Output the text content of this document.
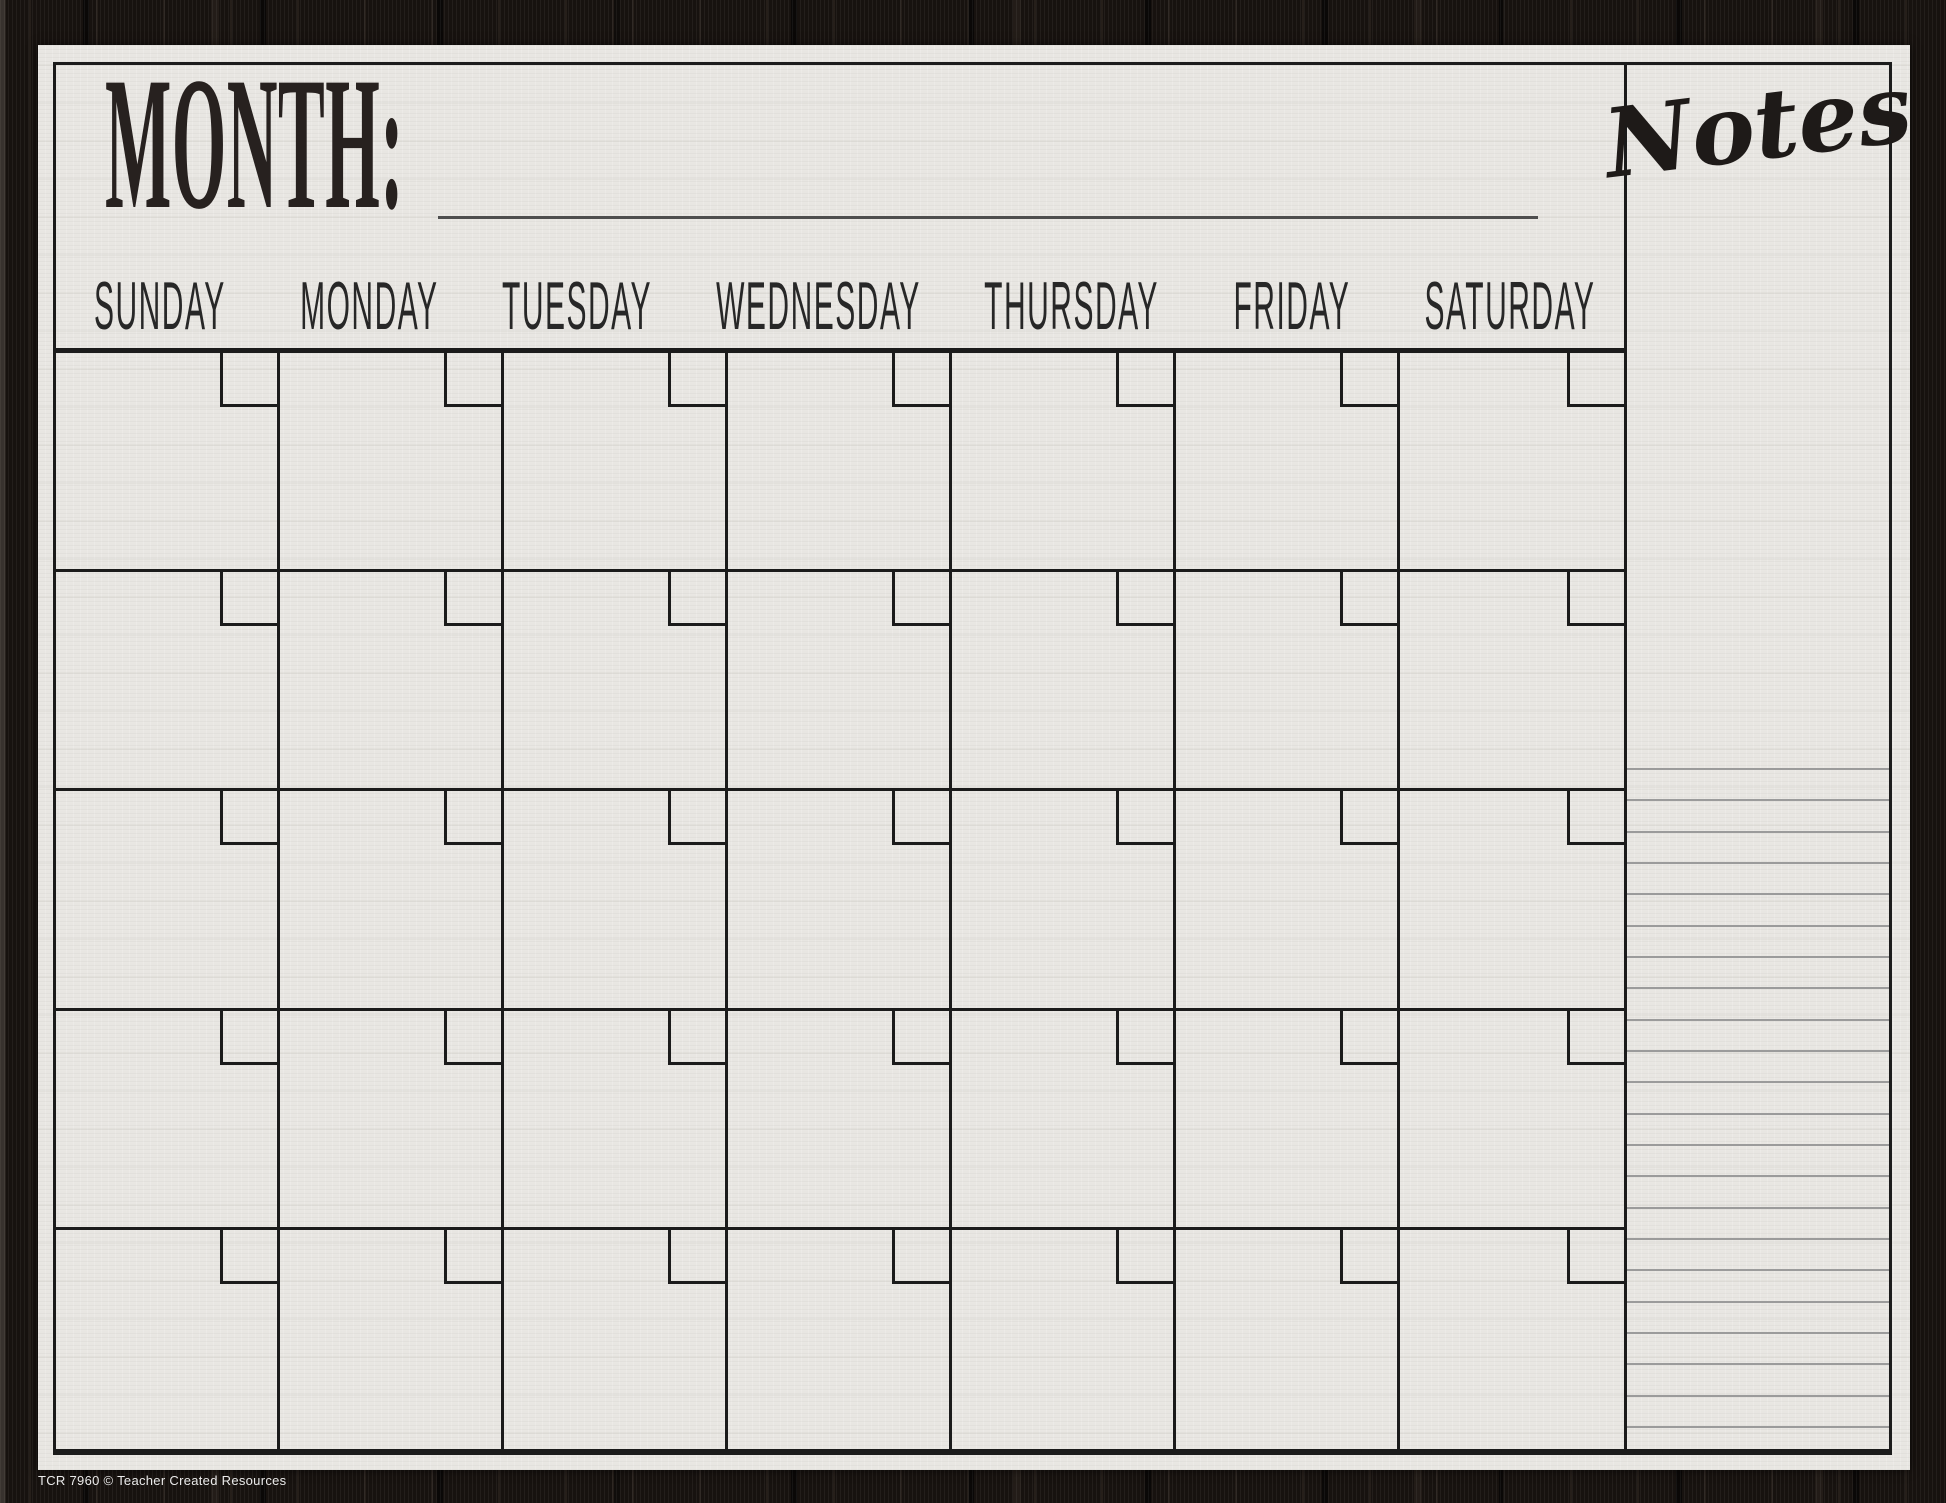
MONTH:
SUNDAY MONDAY TUESDAY WEDNESDAY THURSDAY FRIDAY SATURDAY
Notes
TCR 7960 © Teacher Created Resources
